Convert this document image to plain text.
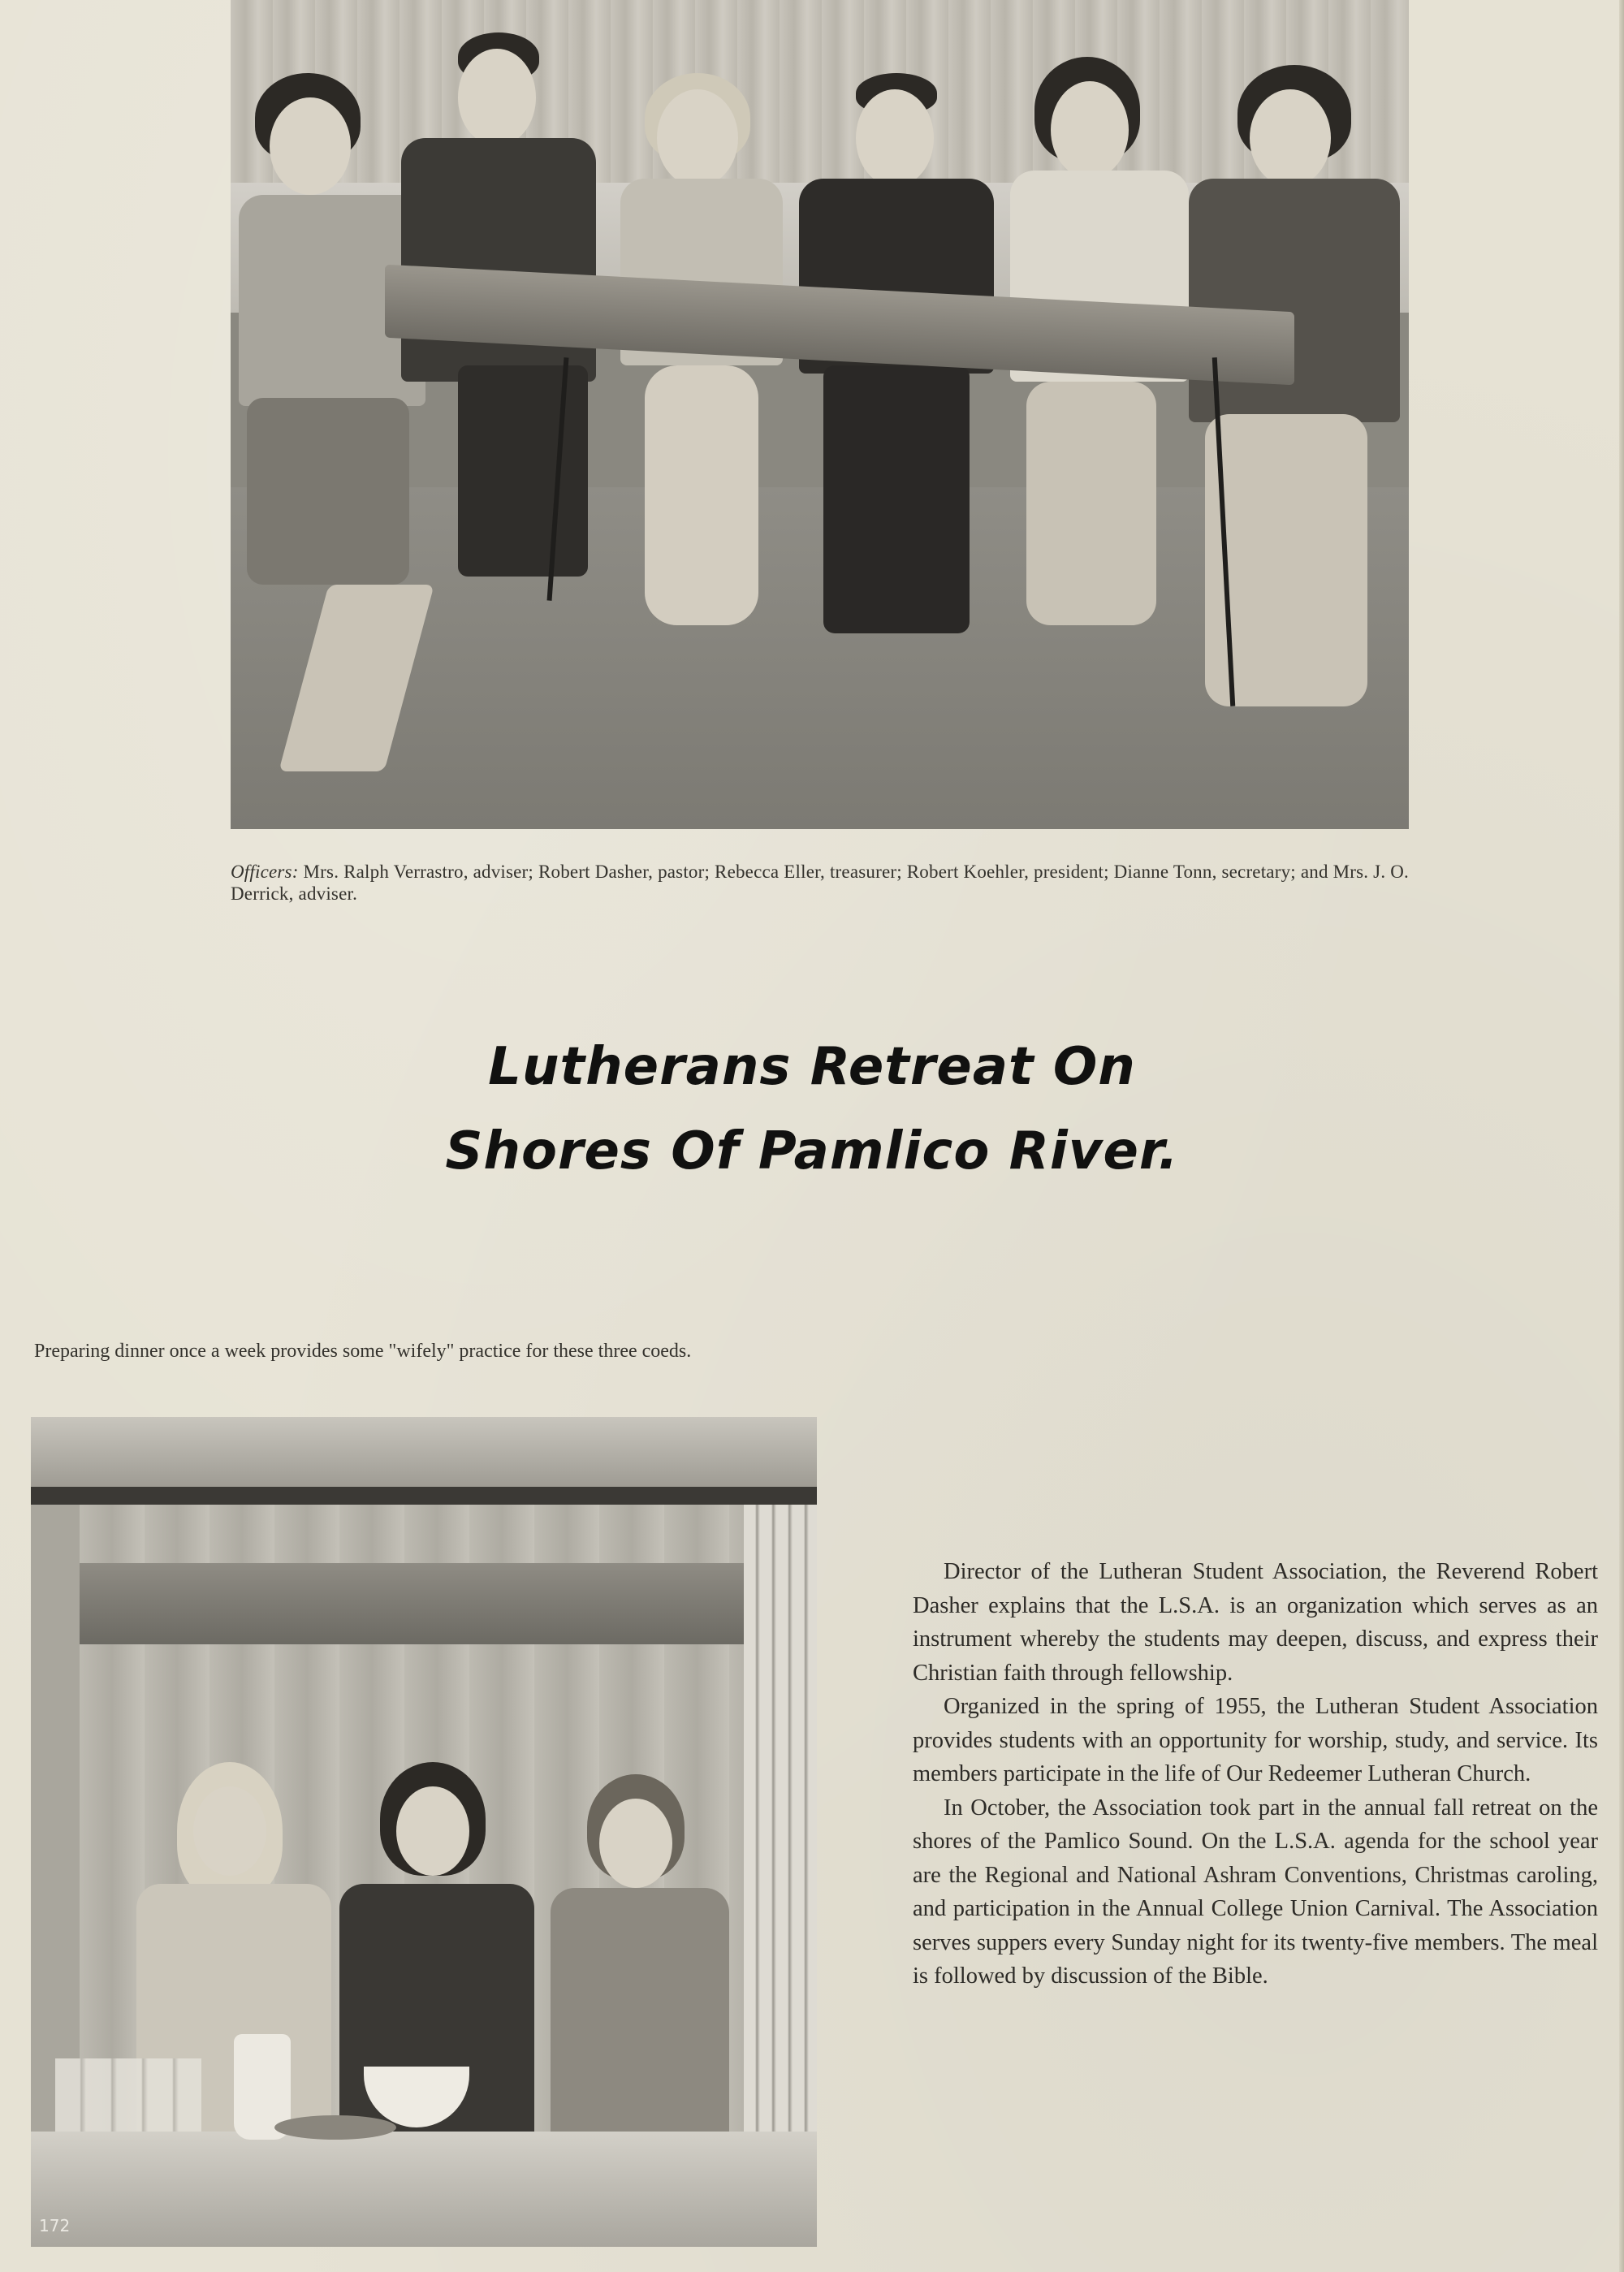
Officers: Mrs. Ralph Verrastro, adviser; Robert Dasher, pastor; Rebecca Eller, treasurer; Robert Koehler, president; Dianne Tonn, secretary; and Mrs. J. O. Derrick, adviser.
Lutherans Retreat On
Shores Of Pamlico River.
Preparing dinner once a week provides some "wifely" practice for these three coeds.
172

Director of the Lutheran Student Association, the Reverend Robert Dasher explains that the L.S.A. is an organization which serves as an instrument whereby the students may deepen, discuss, and express their Christian faith through fellowship.

Organized in the spring of 1955, the Lutheran Student Association provides students with an opportunity for worship, study, and service. Its members participate in the life of Our Redeemer Lutheran Church.

In October, the Association took part in the annual fall retreat on the shores of the Pamlico Sound. On the L.S.A. agenda for the school year are the Regional and National Ashram Conventions, Christmas caroling, and participation in the Annual College Union Carnival. The Association serves suppers every Sunday night for its twenty-five members. The meal is followed by discussion of the Bible.
